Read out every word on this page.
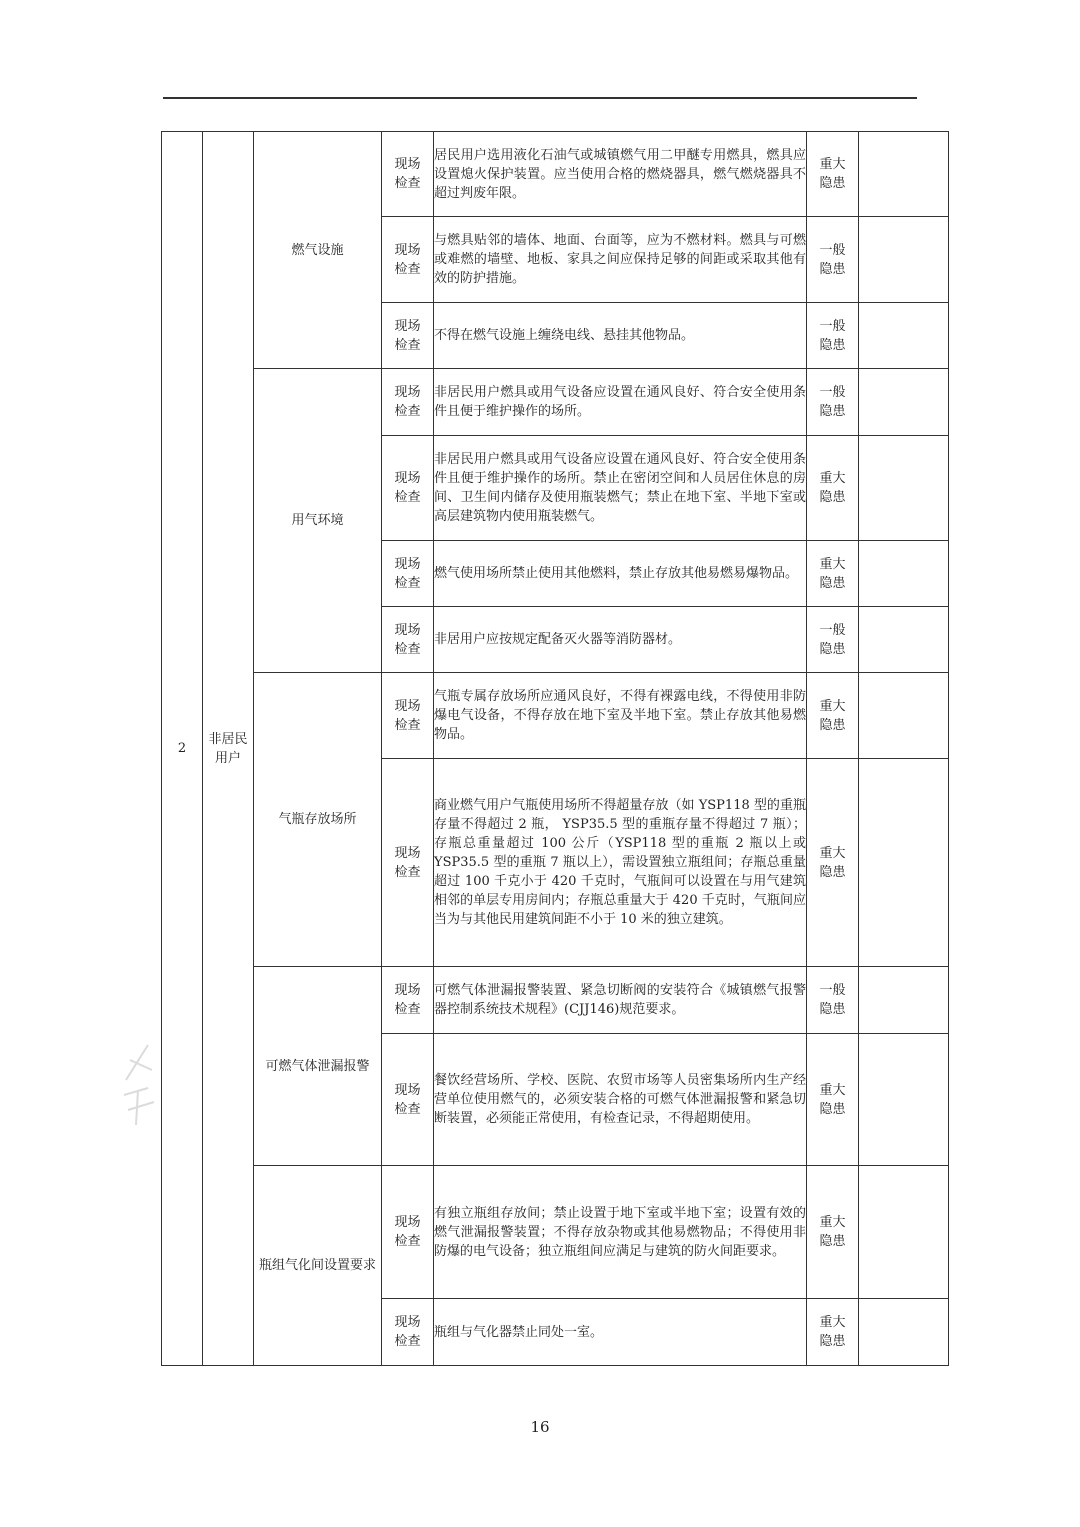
2	非居民用户	燃气设施	现场检查	居民用户选用液化石油气或城镇燃气用二甲醚专用燃具，燃具应设置熄火保护装置。应当使用合格的燃烧器具，燃气燃烧器具不超过判废年限。	重大隐患	
			现场检查	与燃具贴邻的墙体、地面、台面等，应为不燃材料。燃具与可燃或难燃的墙壁、地板、家具之间应保持足够的间距或采取其他有效的防护措施。	一般隐患	
			现场检查	不得在燃气设施上缠绕电线、悬挂其他物品。	一般隐患	
		用气环境	现场检查	非居民用户燃具或用气设备应设置在通风良好、符合安全使用条件且便于维护操作的场所。	一般隐患	
			现场检查	非居民用户燃具或用气设备应设置在通风良好、符合安全使用条件且便于维护操作的场所。禁止在密闭空间和人员居住休息的房间、卫生间内储存及使用瓶装燃气；禁止在地下室、半地下室或高层建筑物内使用瓶装燃气。	重大隐患	
			现场检查	燃气使用场所禁止使用其他燃料，禁止存放其他易燃易爆物品。	重大隐患	
			现场检查	非居用户应按规定配备灭火器等消防器材。	一般隐患	
		气瓶存放场所	现场检查	气瓶专属存放场所应通风良好，不得有裸露电线，不得使用非防爆电气设备，不得存放在地下室及半地下室。禁止存放其他易燃物品。	重大隐患	
			现场检查	商业燃气用户气瓶使用场所不得超量存放（如 YSP118 型的重瓶存量不得超过 2 瓶， YSP35.5 型的重瓶存量不得超过 7 瓶）；存瓶总重量超过 100 公斤（YSP118 型的重瓶 2 瓶以上或 YSP35.5 型的重瓶 7 瓶以上），需设置独立瓶组间；存瓶总重量超过 100 千克小于 420 千克时，气瓶间可以设置在与用气建筑相邻的单层专用房间内；存瓶总重量大于 420 千克时，气瓶间应当为与其他民用建筑间距不小于 10 米的独立建筑。	重大隐患	
		可燃气体泄漏报警	现场检查	可燃气体泄漏报警装置、紧急切断阀的安装符合《城镇燃气报警器控制系统技术规程》(CJJ146)规范要求。	一般隐患	
			现场检查	餐饮经营场所、学校、医院、农贸市场等人员密集场所内生产经营单位使用燃气的，必须安装合格的可燃气体泄漏报警和紧急切断装置，必须能正常使用，有检查记录，不得超期使用。	重大隐患	
		瓶组气化间设置要求	现场检查	有独立瓶组存放间；禁止设置于地下室或半地下室；设置有效的燃气泄漏报警装置；不得存放杂物或其他易燃物品；不得使用非防爆的电气设备；独立瓶组间应满足与建筑的防火间距要求。	重大隐患	
			现场检查	瓶组与气化器禁止同处一室。	重大隐患	
16
